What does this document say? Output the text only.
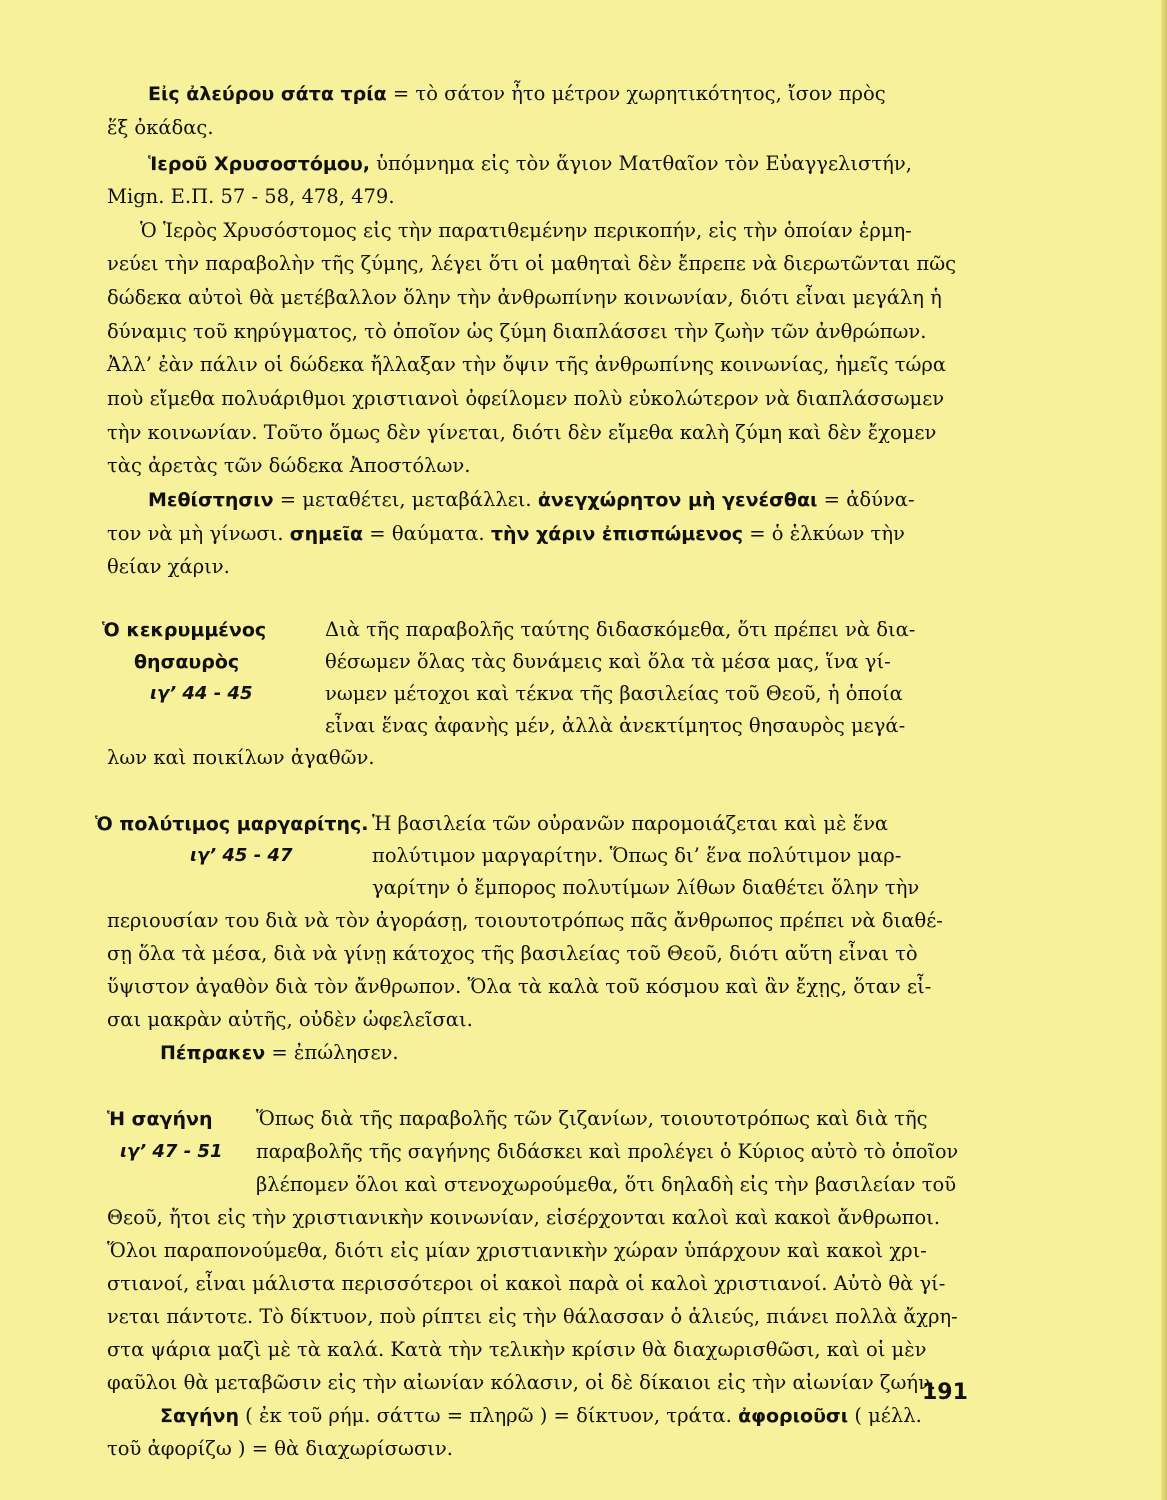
Εἰς ἀλεύρου σάτα τρία = τὸ σάτον ἦτο μέτρον χωρητικότητος, ἴσον πρὸς
ἕξ ὀκάδας.
Ἱεροῦ Χρυσοστόμου, ὑπόμνημα εἰς τὸν ἅγιον Ματθαῖον τὸν Εὐαγγελιστήν,
Mign. Ε.Π. 57 - 58, 478, 479.
Ὁ Ἱερὸς Χρυσόστομος εἰς τὴν παρατιθεμένην περικοπήν, εἰς τὴν ὁποίαν ἑρμη-
νεύει τὴν παραβολὴν τῆς ζύμης, λέγει ὅτι οἱ μαθηταὶ δὲν ἔπρεπε νὰ διερωτῶνται πῶς
δώδεκα αὐτοὶ θὰ μετέβαλλον ὅλην τὴν ἀνθρωπίνην κοινωνίαν, διότι εἶναι μεγάλη ἡ
δύναμις τοῦ κηρύγματος, τὸ ὁποῖον ὡς ζύμη διαπλάσσει τὴν ζωὴν τῶν ἀνθρώπων.
Ἀλλ’ ἐὰν πάλιν οἱ δώδεκα ἤλλαξαν τὴν ὄψιν τῆς ἀνθρωπίνης κοινωνίας, ἡμεῖς τώρα
ποὺ εἴμεθα πολυάριθμοι χριστιανοὶ ὀφείλομεν πολὺ εὐκολώτερον νὰ διαπλάσσωμεν
τὴν κοινωνίαν. Τοῦτο ὅμως δὲν γίνεται, διότι δὲν εἴμεθα καλὴ ζύμη καὶ δὲν ἔχομεν
τὰς ἀρετὰς τῶν δώδεκα Ἀποστόλων.
Μεθίστησιν = μεταθέτει, μεταβάλλει. ἀνεγχώρητον μὴ γενέσθαι = ἀδύνα-
τον νὰ μὴ γίνωσι. σημεῖα = θαύματα. τὴν χάριν ἐπισπώμενος = ὁ ἑλκύων τὴν
θείαν χάριν.
Ὁ κεκρυμμένος
θησαυρὸς
ιγ’ 44 - 45
Διὰ τῆς παραβολῆς ταύτης διδασκόμεθα, ὅτι πρέπει νὰ δια-
θέσωμεν ὅλας τὰς δυνάμεις καὶ ὅλα τὰ μέσα μας, ἵνα γί-
νωμεν μέτοχοι καὶ τέκνα τῆς βασιλείας τοῦ Θεοῦ, ἡ ὁποία
εἶναι ἕνας ἀφανὴς μέν, ἀλλὰ ἀνεκτίμητος θησαυρὸς μεγά-
λων καὶ ποικίλων ἀγαθῶν.
Ὁ πολύτιμος μαργαρίτης.
ιγ’ 45 - 47
Ἡ βασιλεία τῶν οὐρανῶν παρομοιάζεται καὶ μὲ ἕνα
πολύτιμον μαργαρίτην. Ὅπως δι’ ἕνα πολύτιμον μαρ-
γαρίτην ὁ ἔμπορος πολυτίμων λίθων διαθέτει ὅλην τὴν
περιουσίαν του διὰ νὰ τὸν ἀγοράσῃ, τοιουτοτρόπως πᾶς ἄνθρωπος πρέπει νὰ διαθέ-
σῃ ὅλα τὰ μέσα, διὰ νὰ γίνῃ κάτοχος τῆς βασιλείας τοῦ Θεοῦ, διότι αὕτη εἶναι τὸ
ὕψιστον ἀγαθὸν διὰ τὸν ἄνθρωπον. Ὅλα τὰ καλὰ τοῦ κόσμου καὶ ἂν ἔχῃς, ὅταν εἶ-
σαι μακρὰν αὐτῆς, οὐδὲν ὠφελεῖσαι.
Πέπρακεν = ἐπώλησεν.
Ἡ σαγήνη
ιγ’ 47 - 51
Ὅπως διὰ τῆς παραβολῆς τῶν ζιζανίων, τοιουτοτρόπως καὶ διὰ τῆς
παραβολῆς τῆς σαγήνης διδάσκει καὶ προλέγει ὁ Κύριος αὐτὸ τὸ ὁποῖον
βλέπομεν ὅλοι καὶ στενοχωρούμεθα, ὅτι δηλαδὴ εἰς τὴν βασιλείαν τοῦ
Θεοῦ, ἤτοι εἰς τὴν χριστιανικὴν κοινωνίαν, εἰσέρχονται καλοὶ καὶ κακοὶ ἄνθρωποι.
Ὅλοι παραπονούμεθα, διότι εἰς μίαν χριστιανικὴν χώραν ὑπάρχουν καὶ κακοὶ χρι-
στιανοί, εἶναι μάλιστα περισσότεροι οἱ κακοὶ παρὰ οἱ καλοὶ χριστιανοί. Αὐτὸ θὰ γί-
νεται πάντοτε. Τὸ δίκτυον, ποὺ ρίπτει εἰς τὴν θάλασσαν ὁ ἁλιεύς, πιάνει πολλὰ ἄχρη-
στα ψάρια μαζὶ μὲ τὰ καλά. Κατὰ τὴν τελικὴν κρίσιν θὰ διαχωρισθῶσι, καὶ οἱ μὲν
φαῦλοι θὰ μεταβῶσιν εἰς τὴν αἰωνίαν κόλασιν, οἱ δὲ δίκαιοι εἰς τὴν αἰωνίαν ζωήν.
Σαγήνη ( ἐκ τοῦ ρήμ. σάττω = πληρῶ ) = δίκτυον, τράτα. ἀφοριοῦσι ( μέλλ.
τοῦ ἀφορίζω ) = θὰ διαχωρίσωσιν.
191
